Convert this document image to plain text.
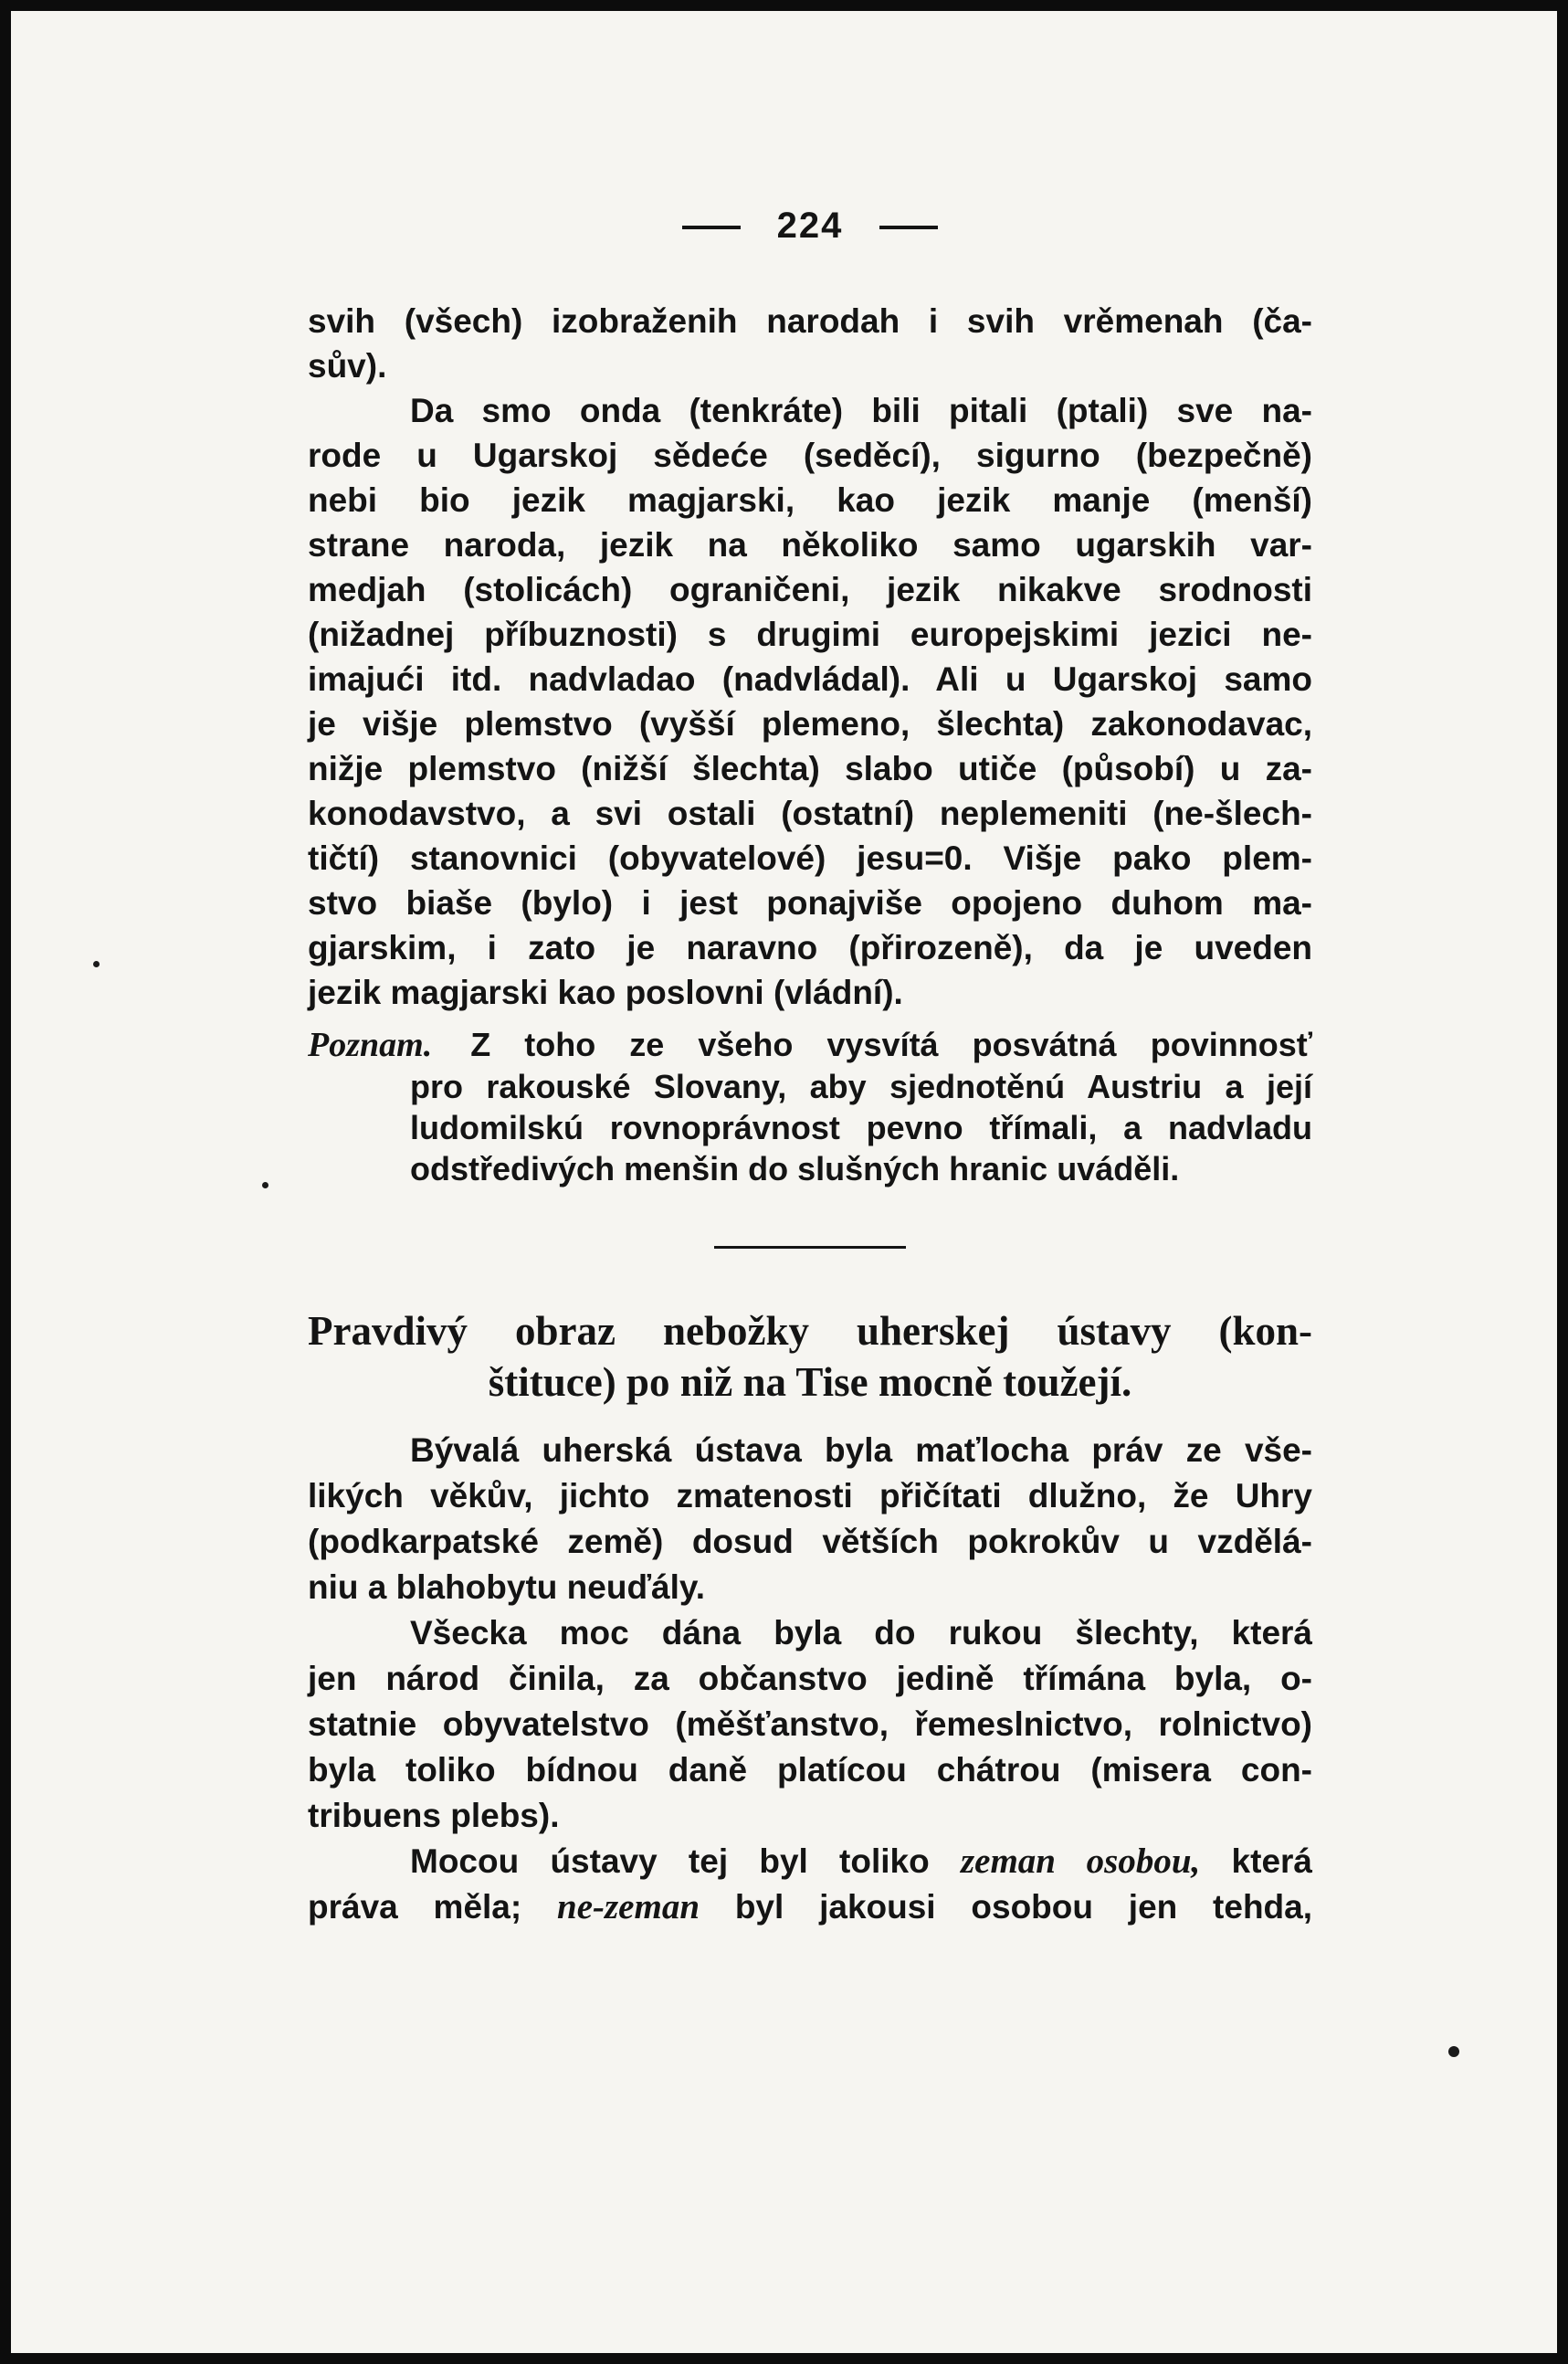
224
svih (všech) izobraženih narodah i svih vrěmenah (ča-
sův).
Da smo onda (tenkráte) bili pitali (ptali) sve na-
rode u Ugarskoj sědeće (seděcí), sigurno (bezpečně)
nebi bio jezik magjarski, kao jezik manje (menší)
strane naroda, jezik na několiko samo ugarskih var-
medjah (stolicách) ograničeni, jezik nikakve srodnosti
(nižadnej příbuznosti) s drugimi europejskimi jezici ne-
imajući itd. nadvladao (nadvládal). Ali u Ugarskoj samo
je višje plemstvo (vyšší plemeno, šlechta) zakonodavac,
nižje plemstvo (nižší šlechta) slabo utiče (působí) u za-
konodavstvo, a svi ostali (ostatní) neplemeniti (ne-šlech-
tičtí) stanovnici (obyvatelové) jesu=0. Višje pako plem-
stvo biaše (bylo) i jest ponajviše opojeno duhom ma-
gjarskim, i zato je naravno (přirozeně), da je uveden
jezik magjarski kao poslovni (vládní).
Poznam. Z toho ze všeho vysvítá posvátná povinnosť
pro rakouské Slovany, aby sjednotěnú Austriu a její
ludomilskú rovnoprávnost pevno třímali, a nadvladu
odstředivých menšin do slušných hranic uváděli.
Pravdivý obraz nebožky uherskej ústavy (kon-
štituce) po niž na Tise mocně toužejí.
Bývalá uherská ústava byla maťlocha práv ze vše-
likých věkův, jichto zmatenosti přičítati dlužno, že Uhry
(podkarpatské země) dosud větších pokrokův u vzdělá-
niu a blahobytu neuďály.
Všecka moc dána byla do rukou šlechty, která
jen národ činila, za občanstvo jedině třímána byla, o-
statnie obyvatelstvo (měšťanstvo, řemeslnictvo, rolnictvo)
byla toliko bídnou daně platícou chátrou (misera con-
tribuens plebs).
Mocou ústavy tej byl toliko zeman osobou, která
práva měla; ne-zeman byl jakousi osobou jen tehda,
